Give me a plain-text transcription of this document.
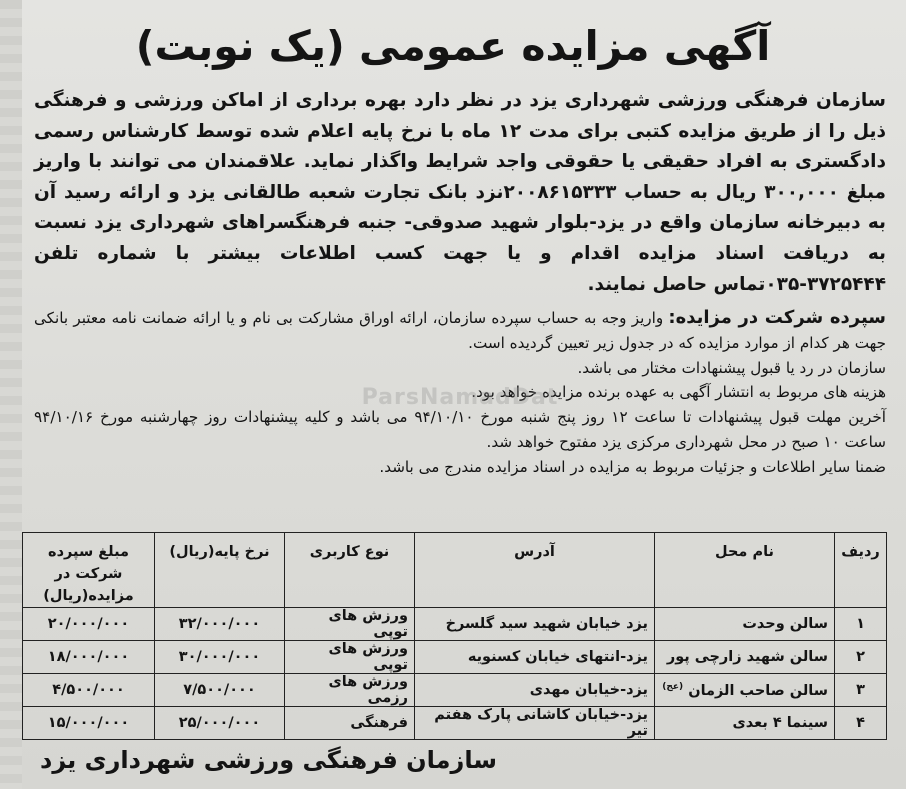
آگهی مزایده عمومی (یک نوبت)

سازمان فرهنگی ورزشی شهرداری یزد در نظر دارد بهره برداری از اماکن ورزشی و فرهنگی ذیل را از طریق مزایده کتبی برای مدت ۱۲ ماه با نرخ پایه اعلام شده توسط کارشناس رسمی دادگستری به افراد حقیقی یا حقوقی واجد شرایط واگذار نماید. علاقمندان می توانند با واریز مبلغ ۳۰۰,۰۰۰ ریال به حساب ۲۰۰۸۶۱۵۳۳۳نزد بانک تجارت شعبه طالقانی یزد و ارائه رسید آن به دبیرخانه سازمان واقع در یزد-بلوار شهید صدوقی- جنبه فرهنگسراهای شهرداری یزد نسبت به دریافت اسناد مزایده اقدام و یا جهت کسب اطلاعات بیشتر با شماره تلفن ۳۷۲۵۴۴۴-۰۳۵تماس حاصل نمایند.

سپرده شرکت در مزایده: واریز وجه به حساب سپرده سازمان، ارائه اوراق مشارکت بی نام و یا ارائه ضمانت نامه معتبر بانکی جهت هر کدام از موارد مزایده که در جدول زیر تعیین گردیده است.

سازمان در رد یا قبول پیشنهادات مختار می باشد.

هزینه های مربوط به انتشار آگهی به عهده برنده مزایده خواهد بود.

آخرین مهلت قبول پیشنهادات تا ساعت ۱۲ روز پنج شنبه مورخ ۹۴/۱۰/۱۰ می باشد و کلیه پیشنهادات روز چهارشنبه مورخ ۹۴/۱۰/۱۶ ساعت ۱۰ صبح در محل شهرداری مرکزی یزد مفتوح خواهد شد.

ضمنا سایر اطلاعات و جزئیات مربوط به مزایده در اسناد مزایده مندرج می باشد.

ParsNamadDat
ردیف	نام محل	آدرس	نوع کاربری	نرخ پایه(ریال)	مبلغ سپرده شرکت در مزایده(ریال)
۱	سالن وحدت	یزد خیابان شهید سید گلسرخ	ورزش های توپی	۳۲/۰۰۰/۰۰۰	۲۰/۰۰۰/۰۰۰
۲	سالن شهید زارچی پور	یزد-انتهای خیابان کسنویه	ورزش های توپی	۳۰/۰۰۰/۰۰۰	۱۸/۰۰۰/۰۰۰
۳	سالن صاحب الزمان $^{(عج)}$	یزد-خیابان مهدی	ورزش های رزمی	۷/۵۰۰/۰۰۰	۴/۵۰۰/۰۰۰
۴	سینما ۴ بعدی	یزد-خیابان کاشانی پارک هفتم تیر	فرهنگی	۲۵/۰۰۰/۰۰۰	۱۵/۰۰۰/۰۰۰
سازمان فرهنگی ورزشی شهرداری یزد
